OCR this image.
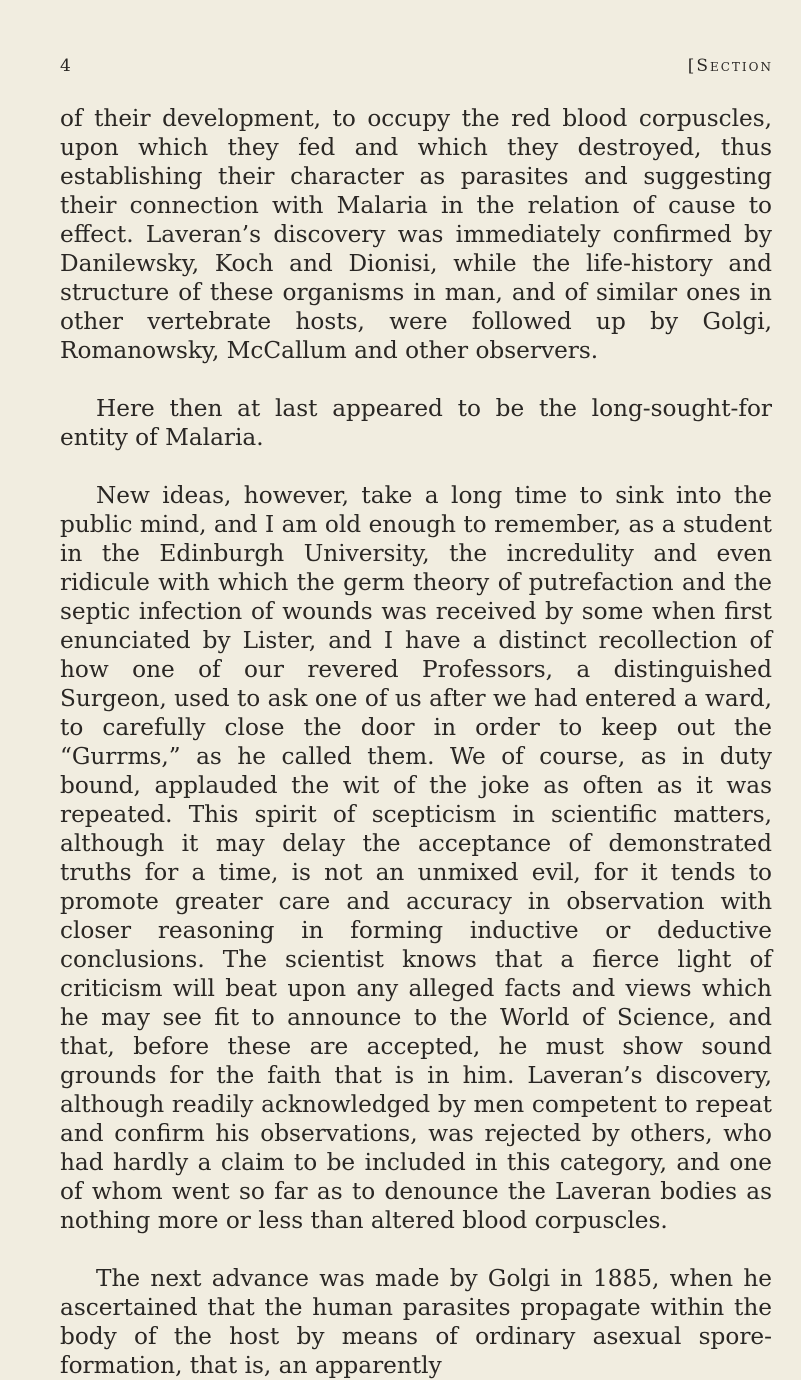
4	[Section

of their development, to occupy the red blood corpuscles, upon which they fed and which they destroyed, thus establishing their character as parasites and suggesting their connection with Malaria in the relation of cause to effect. Laveran’s discovery was immediately confirmed by Danilewsky, Koch and Dionisi, while the life-history and structure of these organisms in man, and of similar ones in other vertebrate hosts, were followed up by Golgi, Romanowsky, McCallum and other observers.

Here then at last appeared to be the long-sought-for entity of Malaria.

New ideas, however, take a long time to sink into the public mind, and I am old enough to remember, as a student in the Edinburgh University, the incredulity and even ridicule with which the germ theory of putrefaction and the septic infection of wounds was received by some when first enunciated by Lister, and I have a distinct recollection of how one of our revered Professors, a distinguished Surgeon, used to ask one of us after we had entered a ward, to carefully close the door in order to keep out the “Gurrms,” as he called them. We of course, as in duty bound, applauded the wit of the joke as often as it was repeated. This spirit of scepticism in scientific matters, although it may delay the acceptance of demonstrated truths for a time, is not an unmixed evil, for it tends to promote greater care and accuracy in observation with closer reasoning in forming inductive or deductive conclusions. The scientist knows that a fierce light of criticism will beat upon any alleged facts and views which he may see fit to announce to the World of Science, and that, before these are accepted, he must show sound grounds for the faith that is in him. Laveran’s discovery, although readily acknowledged by men competent to repeat and confirm his observations, was rejected by others, who had hardly a claim to be included in this category, and one of whom went so far as to denounce the Laveran bodies as nothing more or less than altered blood corpuscles.

The next advance was made by Golgi in 1885, when he ascertained that the human parasites propagate within the body of the host by means of ordinary asexual spore-formation, that is, an apparently
